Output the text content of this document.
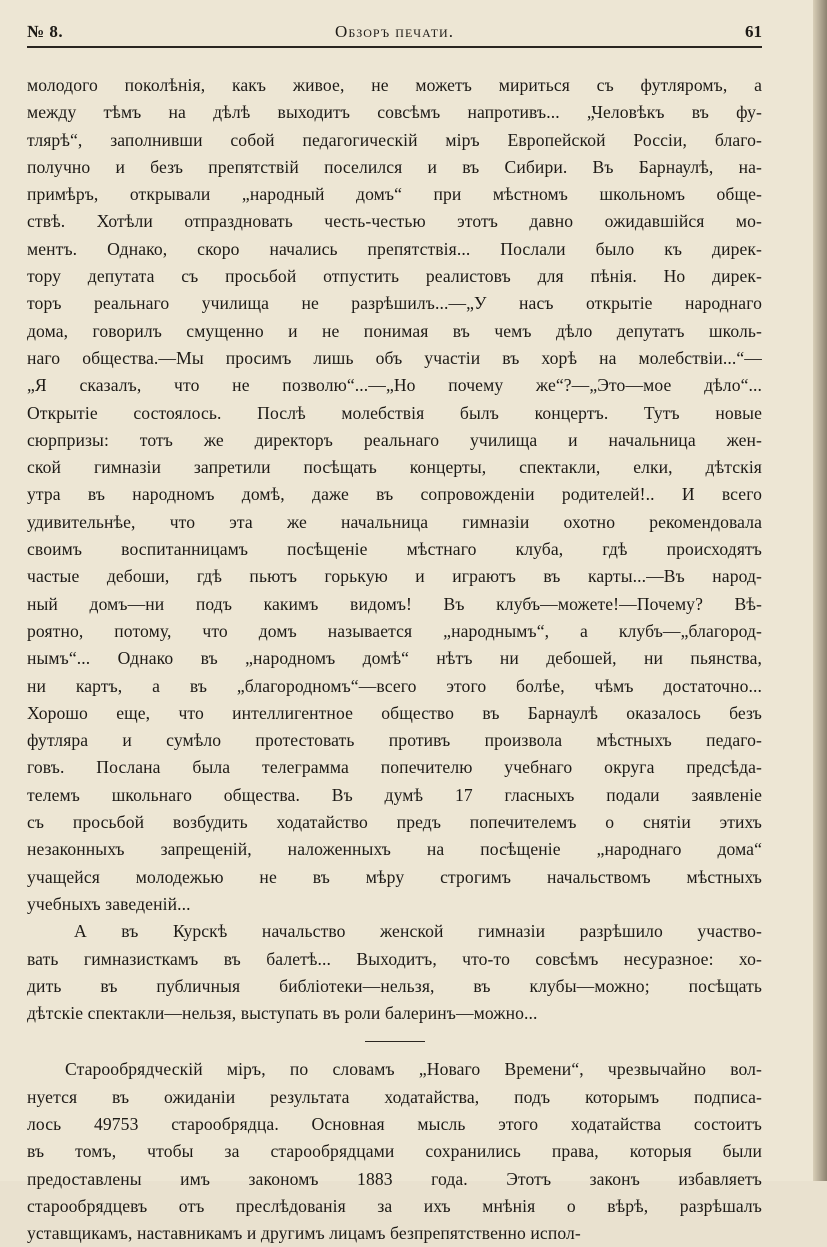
№ 8.	Обзоръ печати.	61
молодого поколѣнія, какъ живое, не можетъ мириться съ футляромъ, а
между тѣмъ на дѣлѣ выходитъ совсѣмъ напротивъ... „Человѣкъ въ фу-
тлярѣ“, заполнивши собой педагогическій міръ Европейской Россіи, благо-
получно и безъ препятствій поселился и въ Сибири. Въ Барнаулѣ, на-
примѣръ, открывали „народный домъ“ при мѣстномъ школьномъ обще-
ствѣ. Хотѣли отпраздновать честь-честью этотъ давно ожидавшійся мо-
ментъ. Однако, скоро начались препятствія... Послали было къ дирек-
тору депутата съ просьбой отпустить реалистовъ для пѣнія. Но дирек-
торъ реальнаго училища не разрѣшилъ...—„У насъ открытіе народнаго
дома, говорилъ смущенно и не понимая въ чемъ дѣло депутатъ школь-
наго общества.—Мы просимъ лишь объ участіи въ хорѣ на молебствіи...“—
„Я сказалъ, что не позволю“...—„Но почему же“?—„Это—мое дѣло“...
Открытіе состоялось. Послѣ молебствія былъ концертъ. Тутъ новые
сюрпризы: тотъ же директоръ реальнаго училища и начальница жен-
ской гимназіи запретили посѣщать концерты, спектакли, елки, дѣтскія
утра въ народномъ домѣ, даже въ сопровожденіи родителей!.. И всего
удивительнѣе, что эта же начальница гимназіи охотно рекомендовала
своимъ воспитанницамъ посѣщеніе мѣстнаго клуба, гдѣ происходятъ
частые дебоши, гдѣ пьютъ горькую и играютъ въ карты...—Въ народ-
ный домъ—ни подъ какимъ видомъ! Въ клубъ—можете!—Почему? Вѣ-
роятно, потому, что домъ называется „народнымъ“, а клубъ—„благород-
нымъ“... Однако въ „народномъ домѣ“ нѣтъ ни дебошей, ни пьянства,
ни картъ, а въ „благородномъ“—всего этого болѣе, чѣмъ достаточно...
Хорошо еще, что интеллигентное общество въ Барнаулѣ оказалось безъ
футляра и сумѣло протестовать противъ произвола мѣстныхъ педаго-
говъ. Послана была телеграмма попечителю учебнаго округа предсѣда-
телемъ школьнаго общества. Въ думѣ 17 гласныхъ подали заявленіе
съ просьбой возбудить ходатайство предъ попечителемъ о снятіи этихъ
незаконныхъ запрещеній, наложенныхъ на посѣщеніе „народнаго дома“
учащейся молодежью не въ мѣру строгимъ начальствомъ мѣстныхъ
учебныхъ заведеній...
А въ Курскѣ начальство женской гимназіи разрѣшило участво-
вать гимназисткамъ въ балетѣ... Выходитъ, что-то совсѣмъ несуразное: хо-
дить въ публичныя библіотеки—нельзя, въ клубы—можно; посѣщать
дѣтскіе спектакли—нельзя, выступать въ роли балеринъ—можно...
Старообрядческій міръ, по словамъ „Новаго Времени“, чрезвычайно вол-
нуется въ ожиданіи результата ходатайства, подъ которымъ подписа-
лось 49753 старообрядца. Основная мысль этого ходатайства состоитъ
въ томъ, чтобы за старообрядцами сохранились права, которыя были
предоставлены имъ закономъ 1883 года. Этотъ законъ избавляетъ
старообрядцевъ отъ преслѣдованія за ихъ мнѣнія о вѣрѣ, разрѣшалъ
уставщикамъ, наставникамъ и другимъ лицамъ безпрепятственно испол-
